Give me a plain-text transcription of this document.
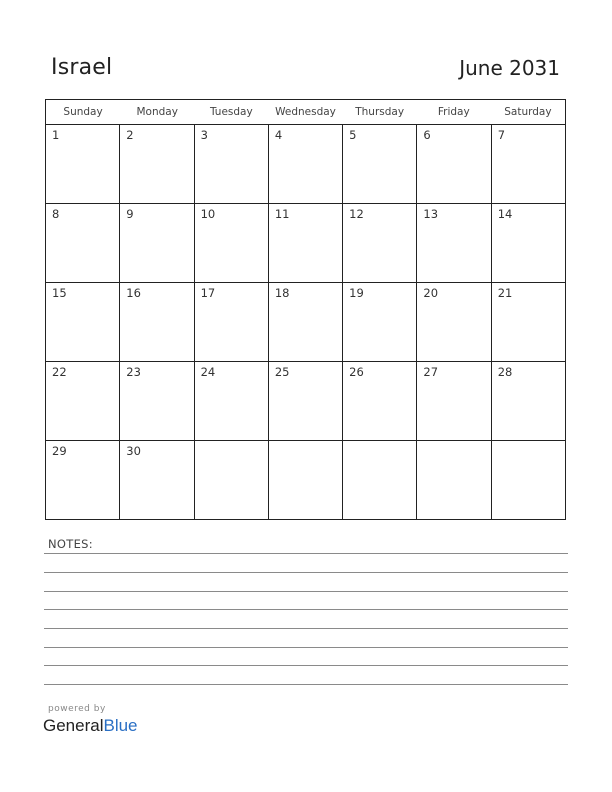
Israel	June 2031
Sunday	Monday	Tuesday	Wednesday	Thursday	Friday	Saturday
1	2	3	4	5	6	7
8	9	10	11	12	13	14
15	16	17	18	19	20	21
22	23	24	25	26	27	28
29	30
NOTES:
powered by
GeneralBlue
